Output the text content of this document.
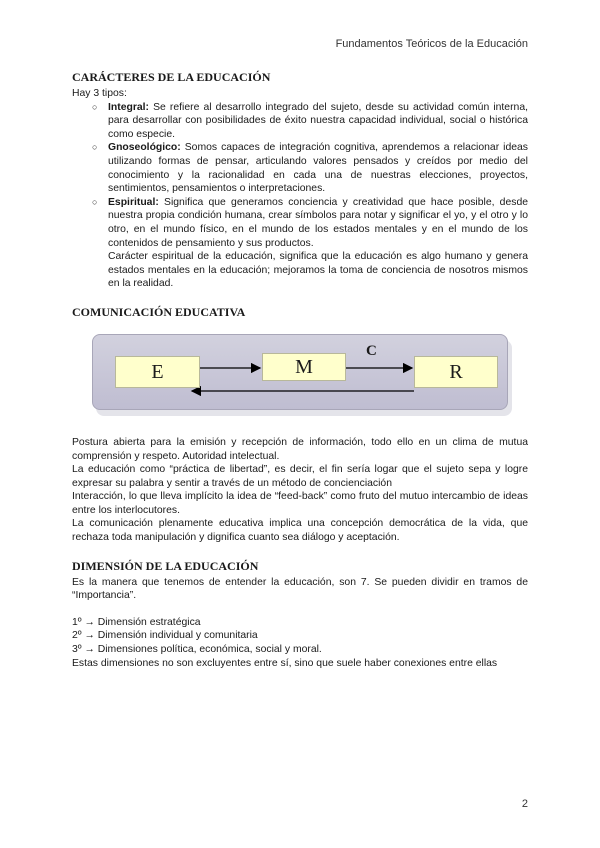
Fundamentos Teóricos de la Educación
CARÁCTERES DE LA EDUCACIÓN

Hay 3 tipos:

○ Integral: Se refiere al desarrollo integrado del sujeto, desde su actividad común interna, para desarrollar con posibilidades de éxito nuestra capacidad individual, social o histórica como especie.
○ Gnoseológico: Somos capaces de integración cognitiva, aprendemos a relacionar ideas utilizando formas de pensar, articulando valores pensados y creídos por medio del conocimiento y la racionalidad en cada una de nuestras elecciones, proyectos, sentimientos, pensamientos o interpretaciones.
○ Espiritual: Significa que generamos conciencia y creatividad que hace posible, desde nuestra propia condición humana, crear símbolos para notar y significar el yo, y el otro y lo otro, en el mundo físico, en el mundo de los estados mentales y en el mundo de los contenidos de pensamiento y sus productos.
Carácter espiritual de la educación, significa que la educación es algo humano y genera estados mentales en la educación; mejoramos la toma de conciencia de nosotros mismos en la realidad.
COMUNICACIÓN EDUCATIVA
E	M
C
R

Postura abierta para la emisión y recepción de información, todo ello en un clima de mutua comprensión y respeto. Autoridad intelectual.

La educación como “práctica de libertad”, es decir, el fin sería logar que el sujeto sepa y logre expresar su palabra y sentir a través de un método de concienciación

Interacción, lo que lleva implícito la idea de “feed-back” como fruto del mutuo intercambio de ideas entre los interlocutores.

La comunicación plenamente educativa implica una concepción democrática de la vida, que rechaza toda manipulación y dignifica cuanto sea diálogo y aceptación.

DIMENSIÓN DE LA EDUCACIÓN

Es la manera que tenemos de entender la educación, son 7. Se pueden dividir en tramos de “Importancia”.

1º → Dimensión estratégica

2º → Dimensión individual y comunitaria

3º → Dimensiones política, económica, social y moral.

Estas dimensiones no son excluyentes entre sí, sino que suele haber conexiones entre ellas

2
